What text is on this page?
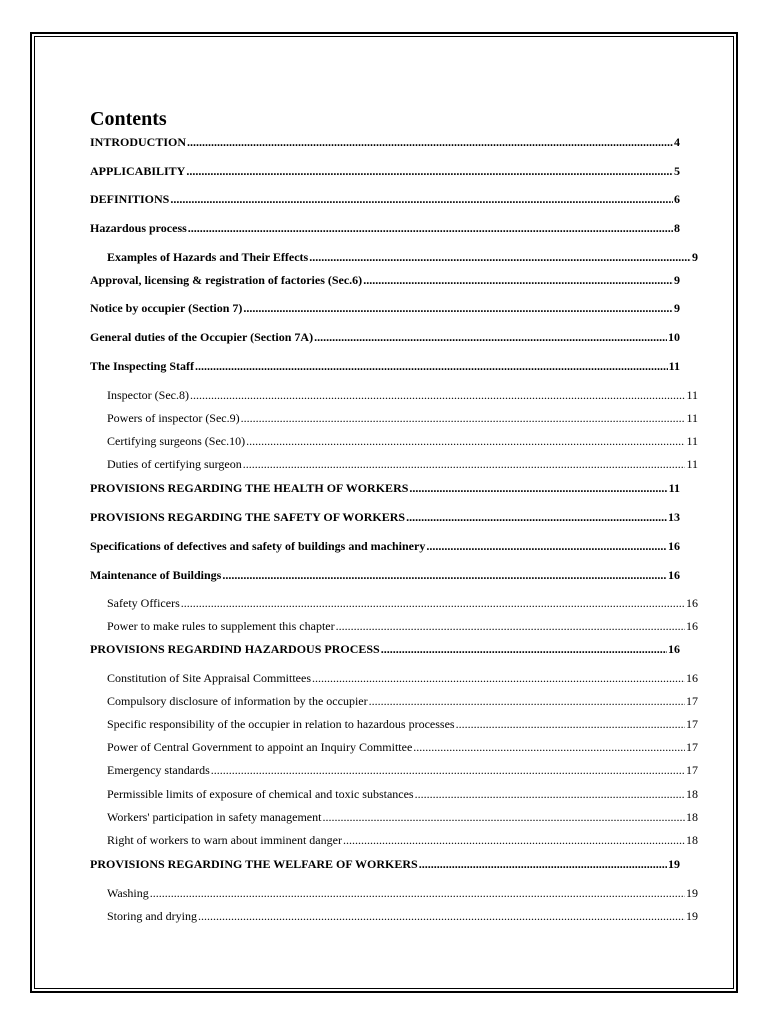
Contents
INTRODUCTION .....	4
APPLICABILITY .....	5
DEFINITIONS .....	6
Hazardous process .....	8
Examples of Hazards and Their Effects .....	9
Approval, licensing & registration of factories (Sec.6) .....	9
Notice by occupier (Section 7) .....	9
General duties of the Occupier (Section 7A) .....	10
The Inspecting Staff .....	11
Inspector (Sec.8) .....	11
Powers of inspector (Sec.9) .....	11
Certifying surgeons (Sec.10) .....	11
Duties of certifying surgeon .....	11
PROVISIONS REGARDING THE HEALTH OF WORKERS .....	11
PROVISIONS REGARDING THE SAFETY OF WORKERS .....	13
Specifications of defectives and safety of buildings and machinery .....	16
Maintenance of Buildings .....	16
Safety Officers .....	16
Power to make rules to supplement this chapter .....	16
PROVISIONS REGARDIND HAZARDOUS PROCESS .....	16
Constitution of Site Appraisal Committees .....	16
Compulsory disclosure of information by the occupier .....	17
Specific responsibility of the occupier in relation to hazardous processes .....	17
Power of Central Government to appoint an Inquiry Committee .....	17
Emergency standards .....	17
Permissible limits of exposure of chemical and toxic substances .....	18
Workers' participation in safety management .....	18
Right of workers to warn about imminent danger .....	18
PROVISIONS REGARDING THE WELFARE OF WORKERS .....	19
Washing .....	19
Storing and drying .....	19
